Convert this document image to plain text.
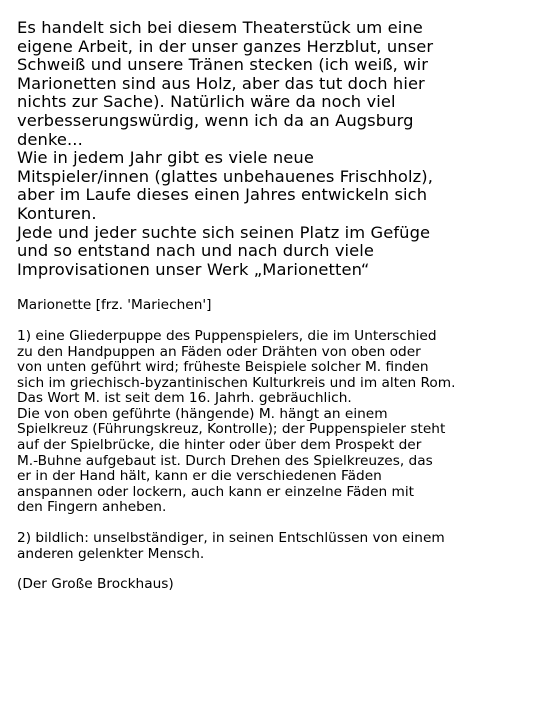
Es handelt sich bei diesem Theaterstück um eine
eigene Arbeit, in der unser ganzes Herzblut, unser
Schweiß und unsere Tränen stecken (ich weiß, wir
Marionetten sind aus Holz, aber das tut doch hier
nichts zur Sache). Natürlich wäre da noch viel
verbesserungswürdig, wenn ich da an Augsburg
denke...
Wie in jedem Jahr gibt es viele neue
Mitspieler/innen (glattes unbehauenes Frischholz),
aber im Laufe dieses einen Jahres entwickeln sich
Konturen.
Jede und jeder suchte sich seinen Platz im Gefüge
und so entstand nach und nach durch viele
Improvisationen unser Werk „Marionetten“
Marionette [frz. 'Mariechen']
1) eine Gliederpuppe des Puppenspielers, die im Unterschied
zu den Handpuppen an Fäden oder Drähten von oben oder
von unten geführt wird; früheste Beispiele solcher M. finden
sich im griechisch-byzantinischen Kulturkreis und im alten Rom.
Das Wort M. ist seit dem 16. Jahrh. gebräuchlich.
Die von oben geführte (hängende) M. hängt an einem
Spielkreuz (Führungskreuz, Kontrolle); der Puppenspieler steht
auf der Spielbrücke, die hinter oder über dem Prospekt der
M.-Buhne aufgebaut ist. Durch Drehen des Spielkreuzes, das
er in der Hand hält, kann er die verschiedenen Fäden
anspannen oder lockern, auch kann er einzelne Fäden mit
den Fingern anheben.
2) bildlich: unselbständiger, in seinen Entschlüssen von einem
anderen gelenkter Mensch.
(Der Große Brockhaus)
